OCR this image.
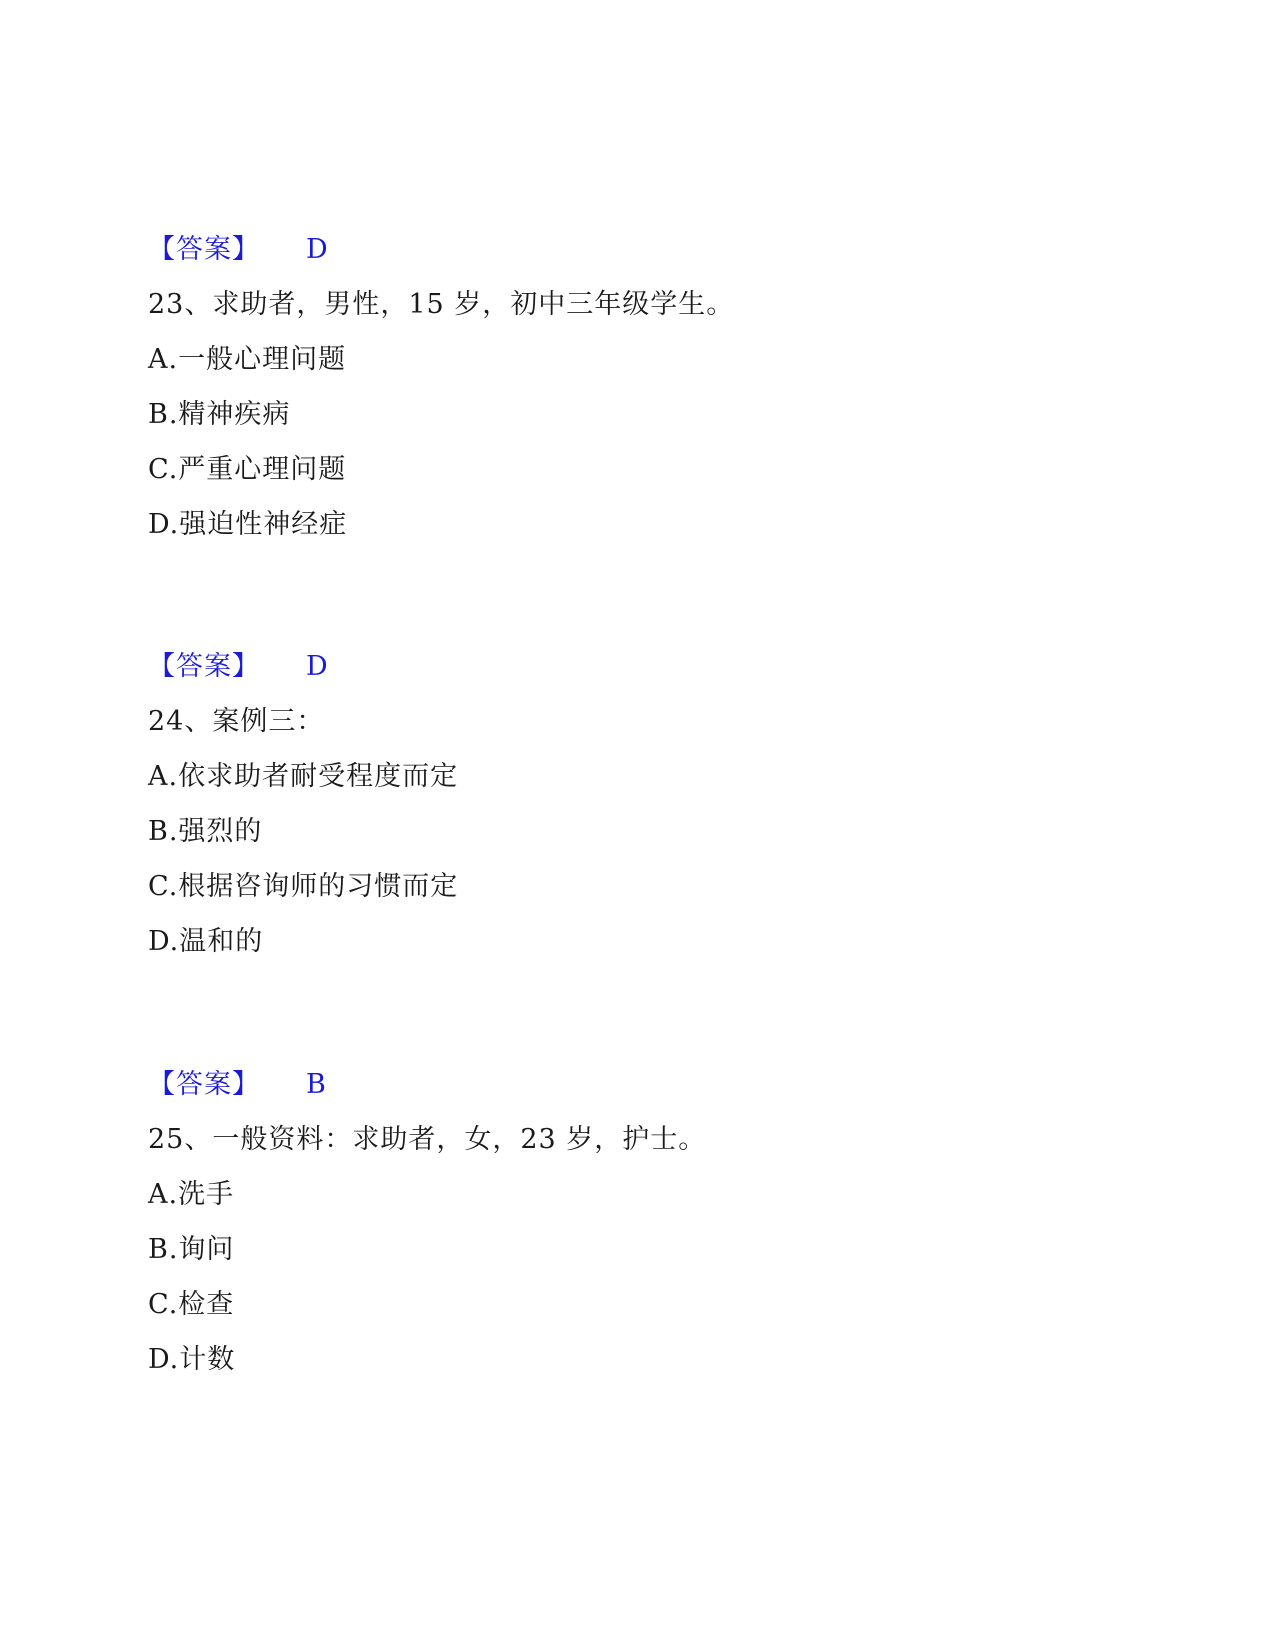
【答案】 D
23、求助者，男性，15 岁，初中三年级学生。
A.一般心理问题
B.精神疾病
C.严重心理问题
D.强迫性神经症
【答案】 D
24、案例三：
A.依求助者耐受程度而定
B.强烈的
C.根据咨询师的习惯而定
D.温和的
【答案】 B
25、一般资料：求助者，女，23 岁，护士。
A.洗手
B.询问
C.检查
D.计数
